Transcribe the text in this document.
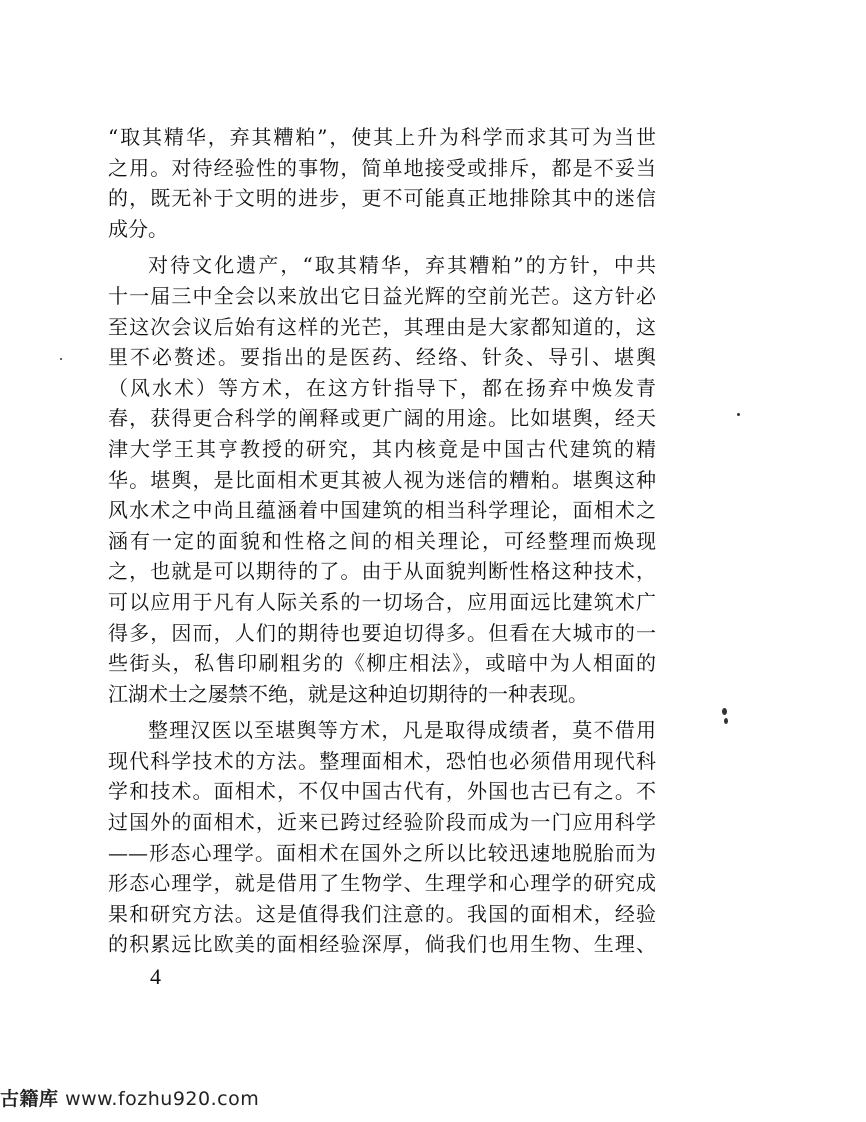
“取其精华，弃其糟粕”，使其上升为科学而求其可为当世
之用。对待经验性的事物，简单地接受或排斥，都是不妥当
的，既无补于文明的进步，更不可能真正地排除其中的迷信
成分。
对待文化遗产，“取其精华，弃其糟粕”的方针，中共
十一届三中全会以来放出它日益光辉的空前光芒。这方针必
至这次会议后始有这样的光芒，其理由是大家都知道的，这
里不必赘述。要指出的是医药、经络、针灸、导引、堪舆
（风水术）等方术，在这方针指导下，都在扬弃中焕发青
春，获得更合科学的阐释或更广阔的用途。比如堪舆，经天
津大学王其亨教授的研究，其内核竟是中国古代建筑的精
华。堪舆，是比面相术更其被人视为迷信的糟粕。堪舆这种
风水术之中尚且蕴涵着中国建筑的相当科学理论，面相术之
涵有一定的面貌和性格之间的相关理论，可经整理而焕现
之，也就是可以期待的了。由于从面貌判断性格这种技术，
可以应用于凡有人际关系的一切场合，应用面远比建筑术广
得多，因而，人们的期待也要迫切得多。但看在大城市的一
些街头，私售印刷粗劣的《柳庄相法》，或暗中为人相面的
江湖术士之屡禁不绝，就是这种迫切期待的一种表现。
整理汉医以至堪舆等方术，凡是取得成绩者，莫不借用
现代科学技术的方法。整理面相术，恐怕也必须借用现代科
学和技术。面相术，不仅中国古代有，外国也古已有之。不
过国外的面相术，近来已跨过经验阶段而成为一门应用科学
——形态心理学。面相术在国外之所以比较迅速地脱胎而为
形态心理学，就是借用了生物学、生理学和心理学的研究成
果和研究方法。这是值得我们注意的。我国的面相术，经验
的积累远比欧美的面相经验深厚，倘我们也用生物、生理、
4
古籍库 www.fozhu920.com
